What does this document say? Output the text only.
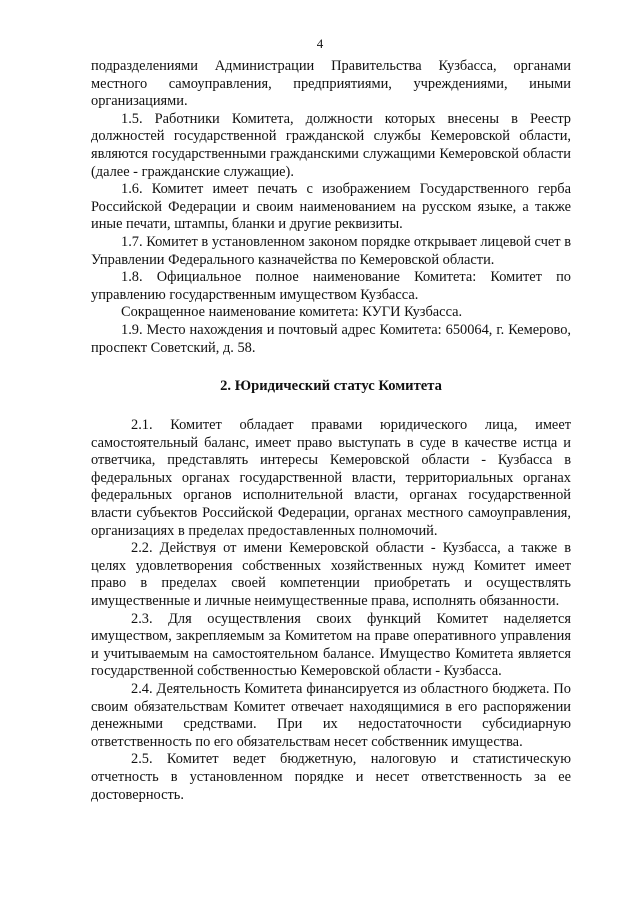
4

подразделениями Администрации Правительства Кузбасса, органами местного самоуправления, предприятиями, учреждениями, иными организациями.

1.5. Работники Комитета, должности которых внесены в Реестр должностей государственной гражданской службы Кемеровской области, являются государственными гражданскими служащими Кемеровской области (далее - гражданские служащие).

1.6. Комитет имеет печать с изображением Государственного герба Российской Федерации и своим наименованием на русском языке, а также иные печати, штампы, бланки и другие реквизиты.

1.7. Комитет в установленном законом порядке открывает лицевой счет в Управлении Федерального казначейства по Кемеровской области.

1.8. Официальное полное наименование Комитета: Комитет по управлению государственным имуществом Кузбасса.

Сокращенное наименование комитета: КУГИ Кузбасса.

1.9. Место нахождения и почтовый адрес Комитета: 650064, г. Кемерово, проспект Советский, д. 58.

2. Юридический статус Комитета

2.1. Комитет обладает правами юридического лица, имеет самостоятельный баланс, имеет право выступать в суде в качестве истца и ответчика, представлять интересы Кемеровской области - Кузбасса в федеральных органах государственной власти, территориальных органах федеральных органов исполнительной власти, органах государственной власти субъектов Российской Федерации, органах местного самоуправления, организациях в пределах предоставленных полномочий.

2.2. Действуя от имени Кемеровской области - Кузбасса, а также в целях удовлетворения собственных хозяйственных нужд Комитет имеет право в пределах своей компетенции приобретать и осуществлять имущественные и личные неимущественные права, исполнять обязанности.

2.3. Для осуществления своих функций Комитет наделяется имуществом, закрепляемым за Комитетом на праве оперативного управления и учитываемым на самостоятельном балансе. Имущество Комитета является государственной собственностью Кемеровской области - Кузбасса.

2.4. Деятельность Комитета финансируется из областного бюджета. По своим обязательствам Комитет отвечает находящимися в его распоряжении денежными средствами. При их недостаточности субсидиарную ответственность по его обязательствам несет собственник имущества.

2.5. Комитет ведет бюджетную, налоговую и статистическую отчетность в установленном порядке и несет ответственность за ее достоверность.
